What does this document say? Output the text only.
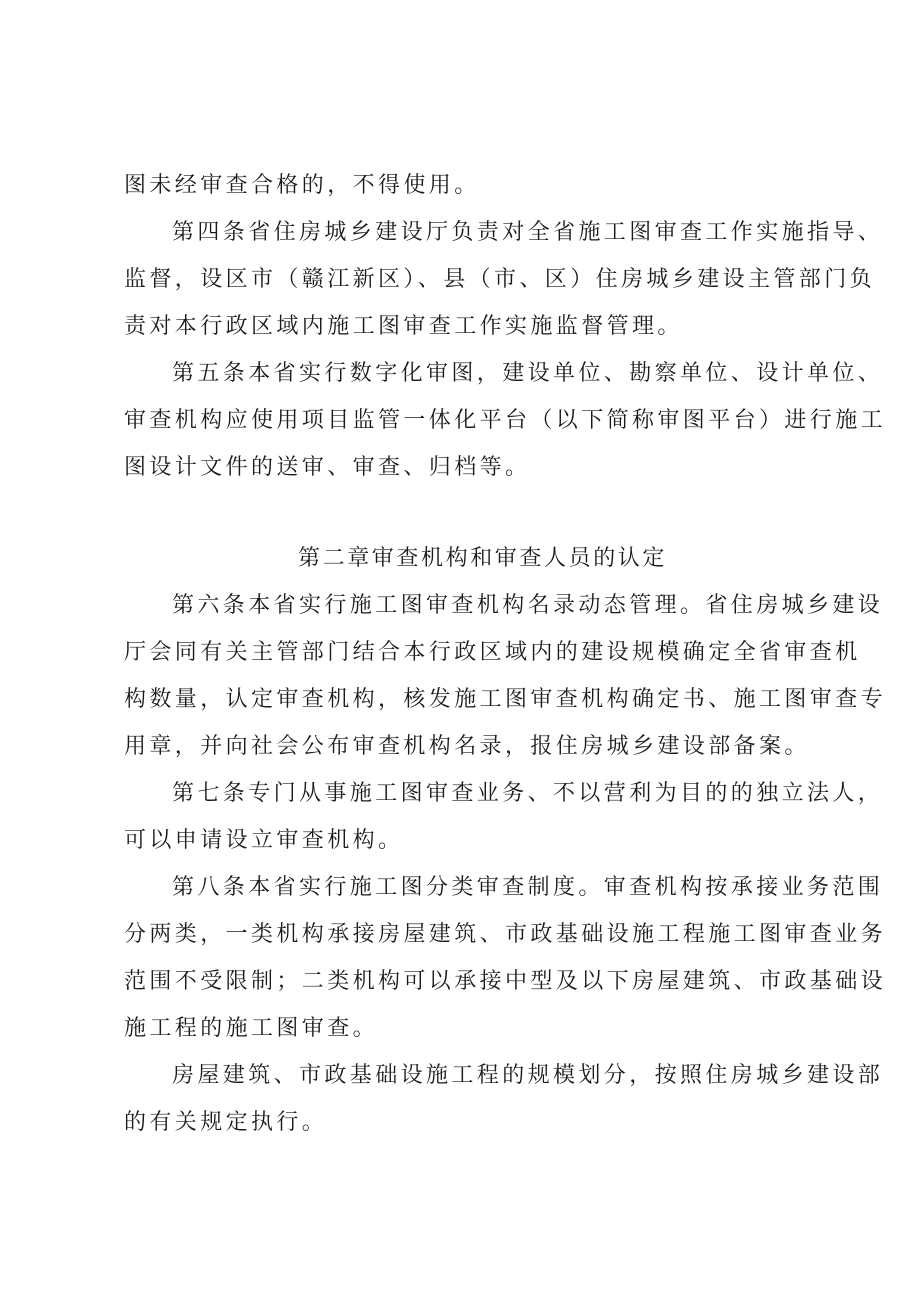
图未经审查合格的，不得使用。
第四条省住房城乡建设厅负责对全省施工图审查工作实施指导、
监督，设区市（赣江新区）、县（市、区）住房城乡建设主管部门负
责对本行政区域内施工图审查工作实施监督管理。
第五条本省实行数字化审图，建设单位、勘察单位、设计单位、
审查机构应使用项目监管一体化平台（以下简称审图平台）进行施工
图设计文件的送审、审查、归档等。
第二章审查机构和审查人员的认定
第六条本省实行施工图审查机构名录动态管理。省住房城乡建设
厅会同有关主管部门结合本行政区域内的建设规模确定全省审查机
构数量，认定审查机构，核发施工图审查机构确定书、施工图审查专
用章，并向社会公布审查机构名录，报住房城乡建设部备案。
第七条专门从事施工图审查业务、不以营利为目的的独立法人，
可以申请设立审查机构。
第八条本省实行施工图分类审查制度。审查机构按承接业务范围
分两类，一类机构承接房屋建筑、市政基础设施工程施工图审查业务
范围不受限制；二类机构可以承接中型及以下房屋建筑、市政基础设
施工程的施工图审查。
房屋建筑、市政基础设施工程的规模划分，按照住房城乡建设部
的有关规定执行。
